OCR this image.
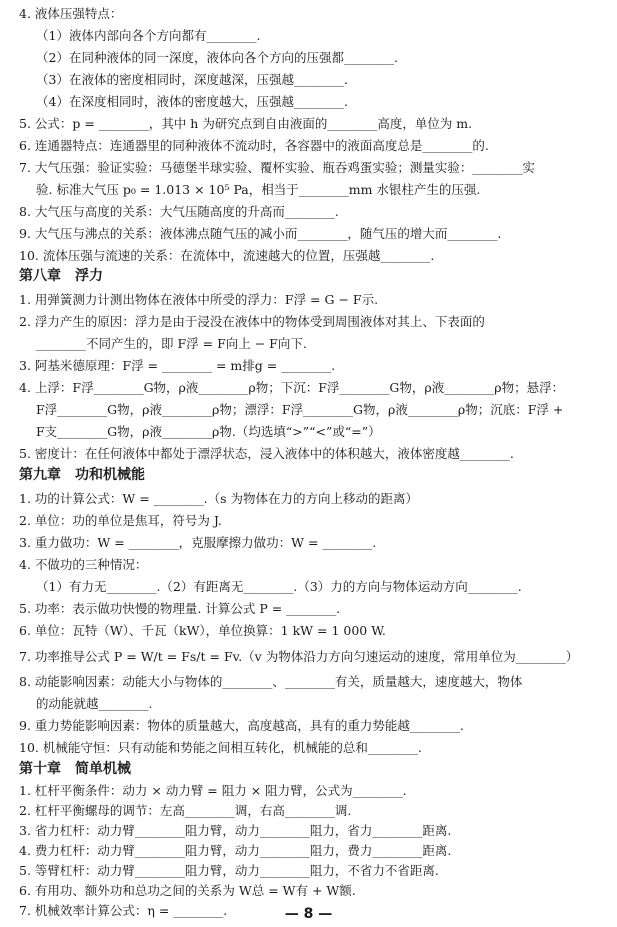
4. 液体压强特点：
（1）液体内部向各个方向都有________.
（2）在同种液体的同一深度，液体向各个方向的压强都________.
（3）在液体的密度相同时，深度越深，压强越________.
（4）在深度相同时，液体的密度越大，压强越________.
5. 公式：p = ________，其中 h 为研究点到自由液面的________高度，单位为 m.
6. 连通器特点：连通器里的同种液体不流动时，各容器中的液面高度总是________的.
7. 大气压强：验证实验：马德堡半球实验、覆杯实验、瓶吞鸡蛋实验；测量实验：________实
验. 标准大气压 p₀ = 1.013 × 10⁵ Pa，相当于________mm 水银柱产生的压强.
8. 大气压与高度的关系：大气压随高度的升高而________.
9. 大气压与沸点的关系：液体沸点随气压的减小而________，随气压的增大而________.
10. 流体压强与流速的关系：在流体中，流速越大的位置，压强越________.
第八章　浮力
1. 用弹簧测力计测出物体在液体中所受的浮力：F浮 = G − F示.
2. 浮力产生的原因：浮力是由于浸没在液体中的物体受到周围液体对其上、下表面的
________不同产生的，即 F浮 = F向上 − F向下.
3. 阿基米德原理：F浮 = ________ = m排g = ________.
4. 上浮：F浮________G物，ρ液________ρ物；下沉：F浮________G物，ρ液________ρ物；悬浮：
F浮________G物，ρ液________ρ物；漂浮：F浮________G物，ρ液________ρ物；沉底：F浮 +
F支________G物，ρ液________ρ物.（均选填“>”“<”或“=”）
5. 密度计：在任何液体中都处于漂浮状态，浸入液体中的体积越大，液体密度越________.
第九章　功和机械能
1. 功的计算公式：W = ________.（s 为物体在力的方向上移动的距离）
2. 单位：功的单位是焦耳，符号为 J.
3. 重力做功：W = ________，克服摩擦力做功：W = ________.
4. 不做功的三种情况：
（1）有力无________.（2）有距离无________.（3）力的方向与物体运动方向________.
5. 功率：表示做功快慢的物理量. 计算公式 P = ________.
6. 单位：瓦特（W）、千瓦（kW），单位换算：1 kW = 1 000 W.
7. 功率推导公式 P = W/t = Fs/t = Fv.（v 为物体沿力方向匀速运动的速度，常用单位为________）
8. 动能影响因素：动能大小与物体的________、________有关，质量越大，速度越大，物体
的动能就越________.
9. 重力势能影响因素：物体的质量越大，高度越高，具有的重力势能越________.
10. 机械能守恒：只有动能和势能之间相互转化，机械能的总和________.
第十章　简单机械
1. 杠杆平衡条件：动力 × 动力臂 = 阻力 × 阻力臂，公式为________.
2. 杠杆平衡螺母的调节：左高________调，右高________调.
3. 省力杠杆：动力臂________阻力臂，动力________阻力，省力________距离.
4. 费力杠杆：动力臂________阻力臂，动力________阻力，费力________距离.
5. 等臂杠杆：动力臂________阻力臂，动力________阻力，不省力不省距离.
6. 有用功、额外功和总功之间的关系为 W总 = W有 + W额.
7. 机械效率计算公式：η = ________.	— 8 —
